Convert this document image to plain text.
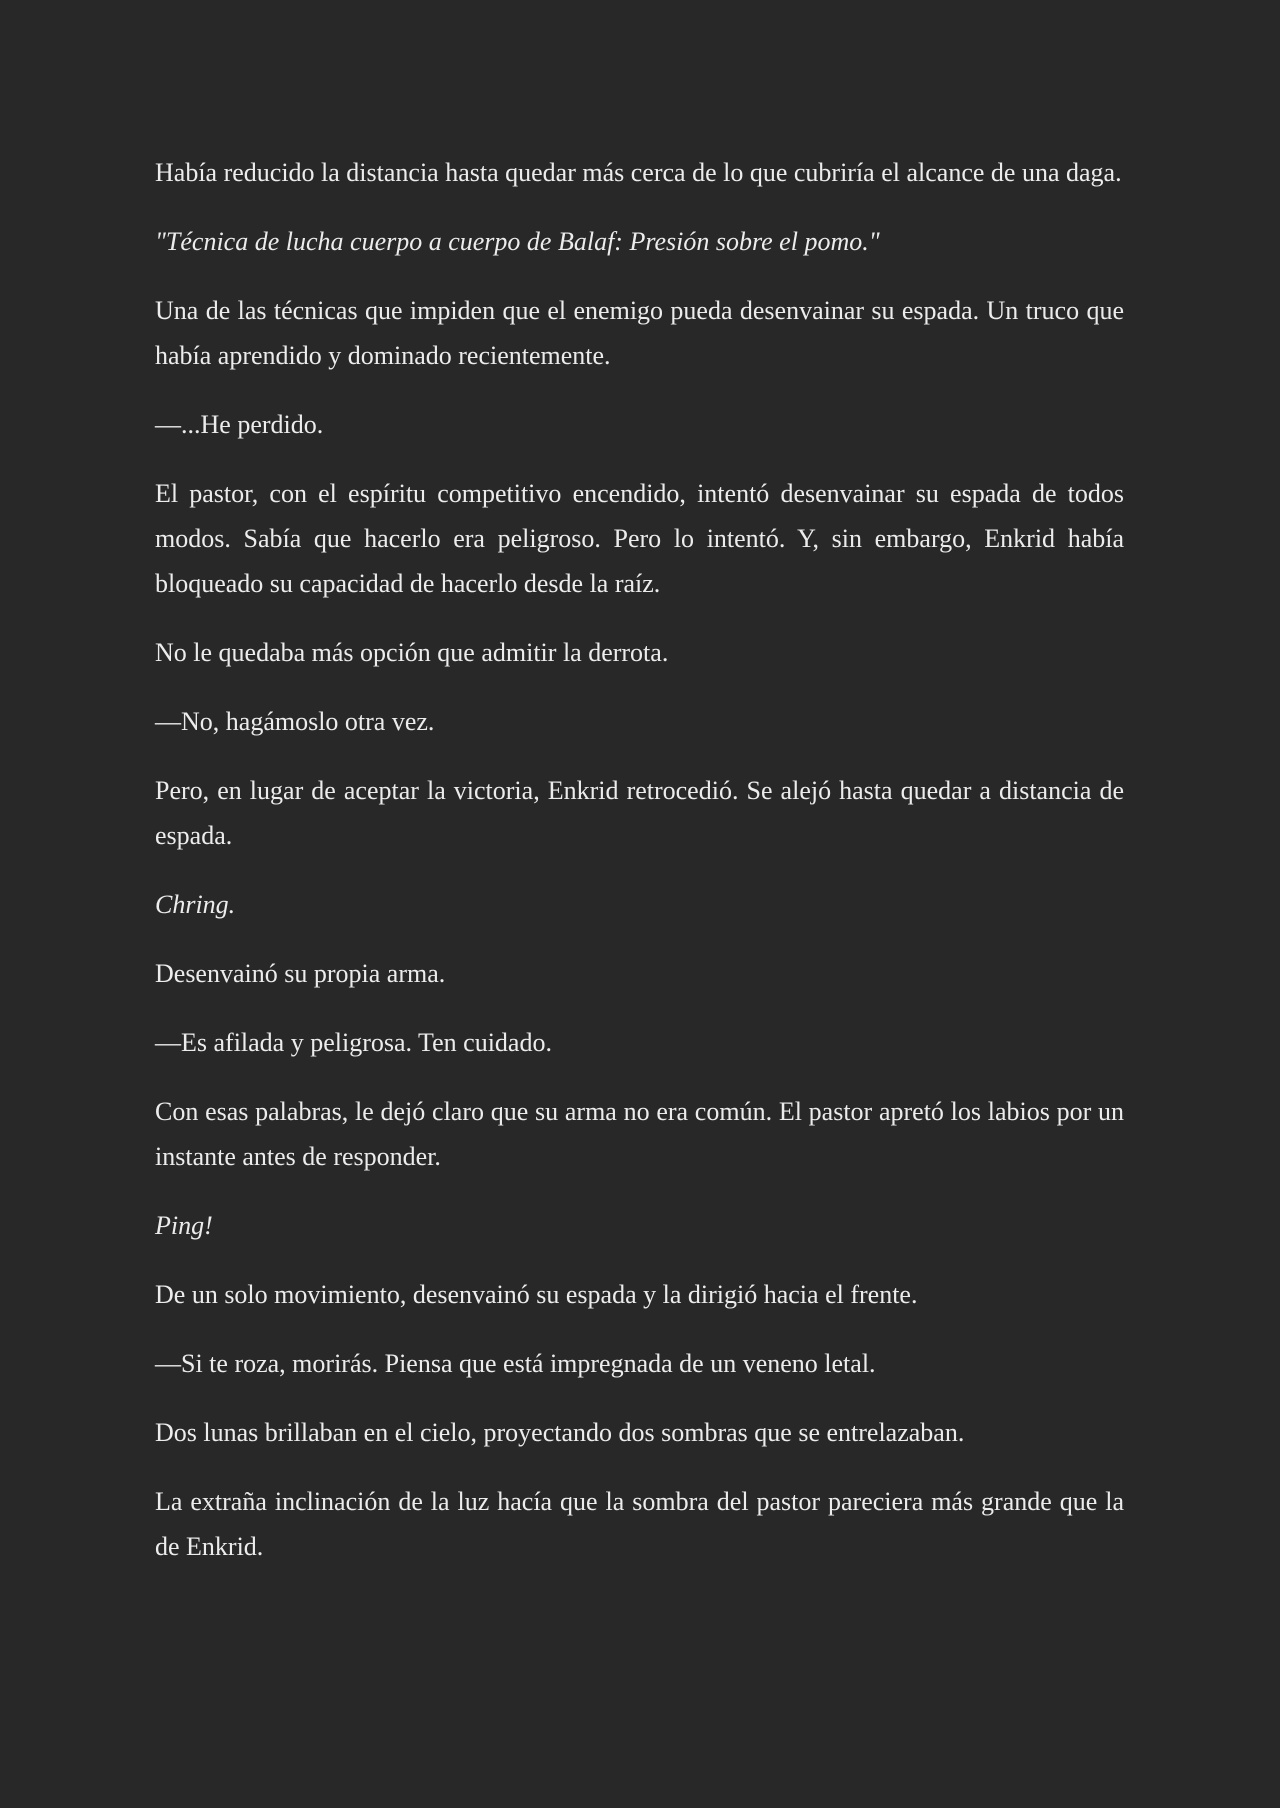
Había reducido la distancia hasta quedar más cerca de lo que cubriría el alcance de una daga.

"Técnica de lucha cuerpo a cuerpo de Balaf: Presión sobre el pomo."

Una de las técnicas que impiden que el enemigo pueda desenvainar su espada. Un truco que había aprendido y dominado recientemente.

—...He perdido.

El pastor, con el espíritu competitivo encendido, intentó desenvainar su espada de todos modos. Sabía que hacerlo era peligroso. Pero lo intentó. Y, sin embargo, Enkrid había bloqueado su capacidad de hacerlo desde la raíz.

No le quedaba más opción que admitir la derrota.

—No, hagámoslo otra vez.

Pero, en lugar de aceptar la victoria, Enkrid retrocedió. Se alejó hasta quedar a distancia de espada.

Chring.

Desenvainó su propia arma.

—Es afilada y peligrosa. Ten cuidado.

Con esas palabras, le dejó claro que su arma no era común. El pastor apretó los labios por un instante antes de responder.

Ping!

De un solo movimiento, desenvainó su espada y la dirigió hacia el frente.

—Si te roza, morirás. Piensa que está impregnada de un veneno letal.

Dos lunas brillaban en el cielo, proyectando dos sombras que se entrelazaban.

La extraña inclinación de la luz hacía que la sombra del pastor pareciera más grande que la de Enkrid.
